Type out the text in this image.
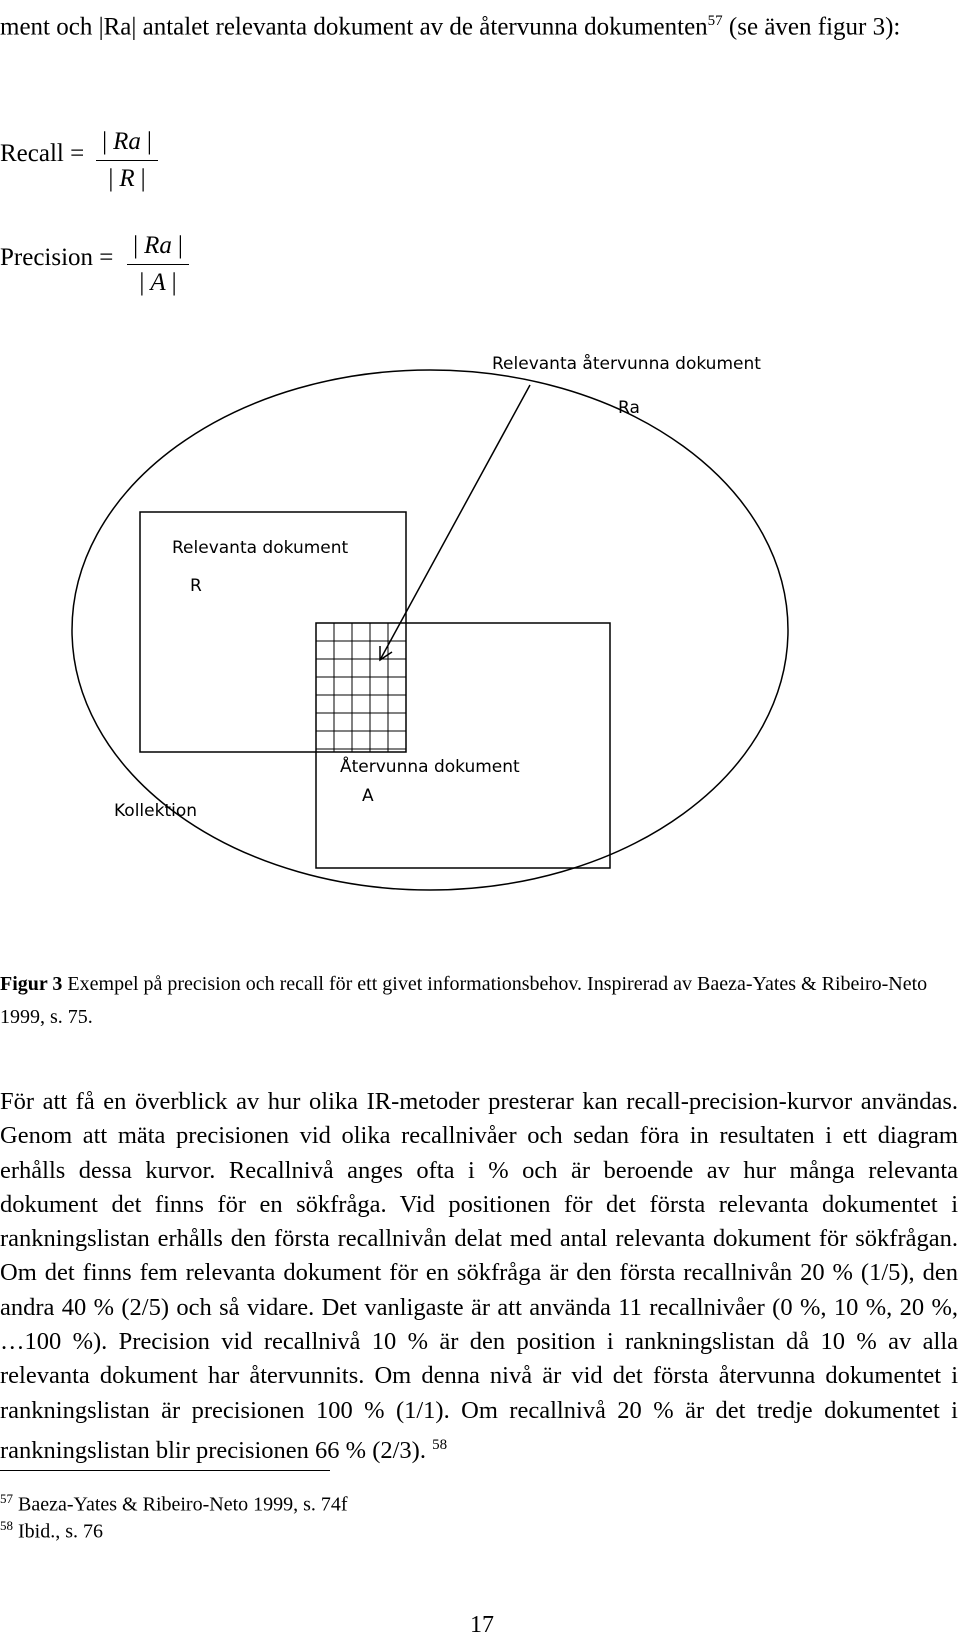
ment och |Ra| antalet relevanta dokument av de återvunna dokumenten$^{57}$ (se även figur 3):
Recall =	| Ra |
| R |
Precision =	| Ra |
| A |
Relevanta återvunna dokument
Ra
Relevanta dokument
R
Återvunna dokument
A
Kollektion
Figur 3 Exempel på precision och recall för ett givet informationsbehov. Inspirerad av Baeza-Yates & Ribeiro-Neto 1999, s. 75.
För att få en överblick av hur olika IR-metoder presterar kan recall-precision-kurvor användas. Genom att mäta precisionen vid olika recallnivåer och sedan föra in resultaten i ett diagram erhålls dessa kurvor. Recallnivå anges ofta i % och är beroende av hur många relevanta dokument det finns för en sökfråga. Vid positionen för det första relevanta dokumentet i rankningslistan erhålls den första recallnivån delat med antal relevanta dokument för sökfrågan. Om det finns fem relevanta dokument för en sökfråga är den första recallnivån 20 % (1/5), den andra 40 % (2/5) och så vidare. Det vanligaste är att använda 11 recallnivåer (0 %, 10 %, 20 %, …100 %). Precision vid recallnivå 10 % är den position i rankningslistan då 10 % av alla relevanta dokument har återvunnits. Om denna nivå är vid det första återvunna dokumentet i rankningslistan är precisionen 100 % (1/1). Om recallnivå 20 % är det tredje dokumentet i rankningslistan blir precisionen 66 % (2/3). $^{58}$
$^{57}$ Baeza-Yates & Ribeiro-Neto 1999, s. 74f
$^{58}$ Ibid., s. 76
17
